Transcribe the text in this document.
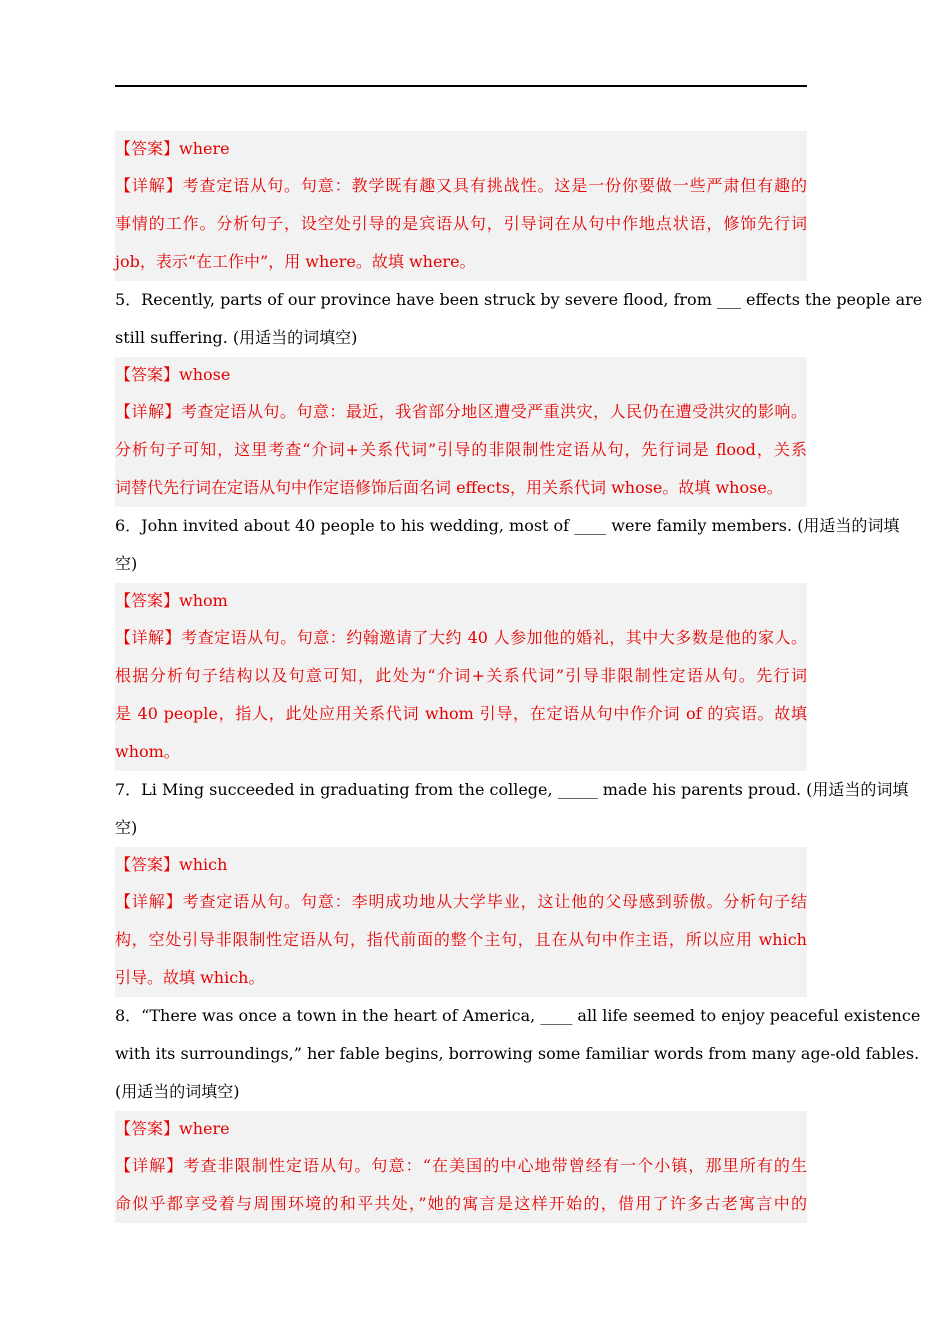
【答案】where
【详解】考查定语从句。句意：教学既有趣又具有挑战性。这是一份你要做一些严肃但有趣的
事情的工作。分析句子，设空处引导的是宾语从句，引导词在从句中作地点状语，修饰先行词
job，表示“在工作中”，用 where。故填 where。
5．Recently, parts of our province have been struck by severe flood, from ___ effects the people are
still suffering. (用适当的词填空)
【答案】whose
【详解】考查定语从句。句意：最近，我省部分地区遭受严重洪灾，人民仍在遭受洪灾的影响。
分析句子可知，这里考查“介词+关系代词”引导的非限制性定语从句，先行词是 flood，关系
词替代先行词在定语从句中作定语修饰后面名词 effects，用关系代词 whose。故填 whose。
6．John invited about 40 people to his wedding, most of ____ were family members. (用适当的词填
空)
【答案】whom
【详解】考查定语从句。句意：约翰邀请了大约 40 人参加他的婚礼，其中大多数是他的家人。
根据分析句子结构以及句意可知，此处为“介词+关系代词”引导非限制性定语从句。先行词
是 40 people，指人，此处应用关系代词 whom 引导，在定语从句中作介词 of 的宾语。故填
whom。
7．Li Ming succeeded in graduating from the college, _____ made his parents proud. (用适当的词填
空)
【答案】which
【详解】考查定语从句。句意：李明成功地从大学毕业，这让他的父母感到骄傲。分析句子结
构，空处引导非限制性定语从句，指代前面的整个主句，且在从句中作主语，所以应用 which
引导。故填 which。
8．“There was once a town in the heart of America, ____ all life seemed to enjoy peaceful existence
with its surroundings,” her fable begins, borrowing some familiar words from many age-old fables.
(用适当的词填空)
【答案】where
【详解】考查非限制性定语从句。句意：“在美国的中心地带曾经有一个小镇，那里所有的生
命似乎都享受着与周围环境的和平共处，”她的寓言是这样开始的，借用了许多古老寓言中的
